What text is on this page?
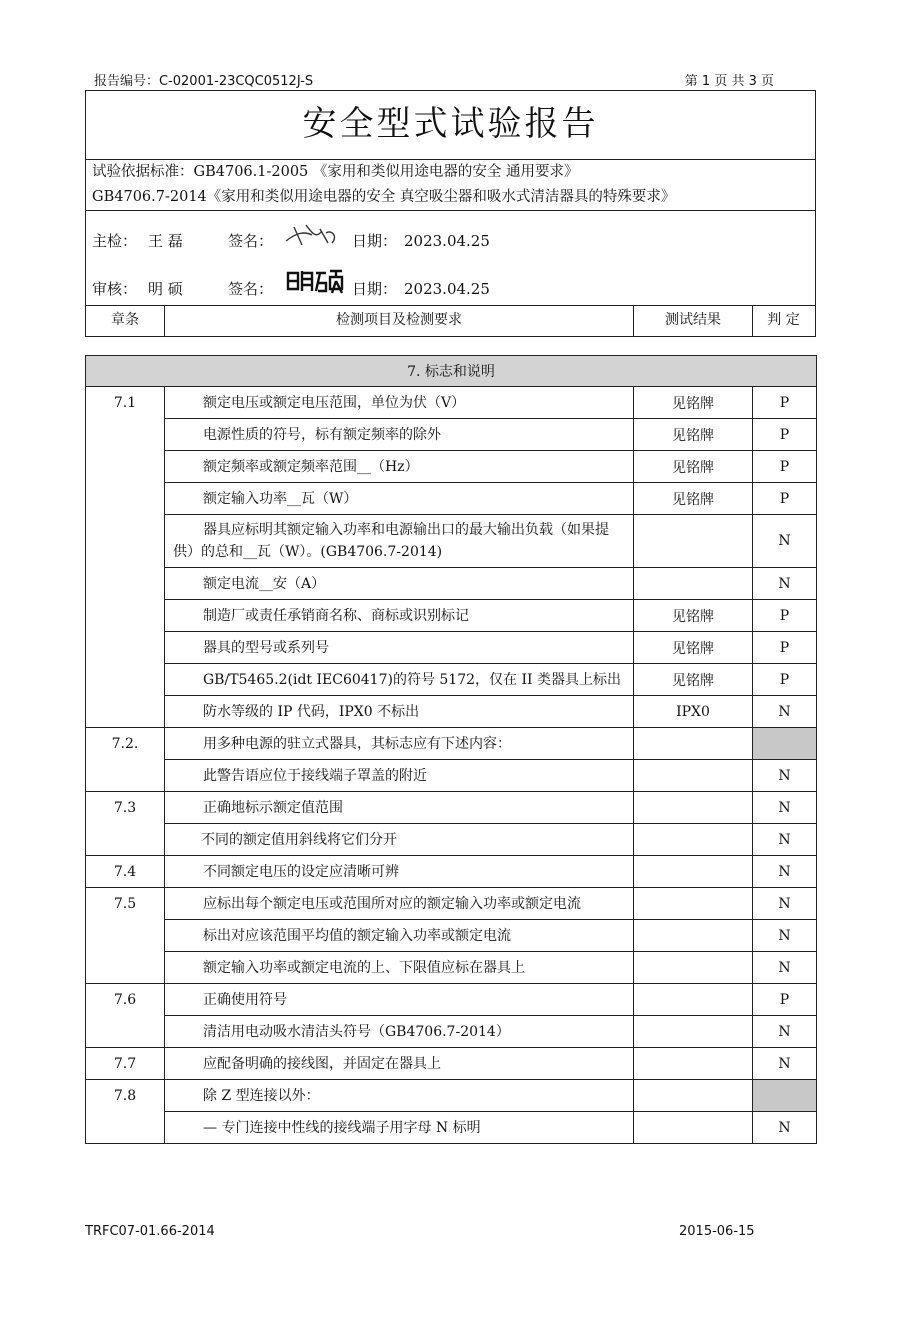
报告编号：C-02001-23CQC0512J-S	第 1 页 共 3 页
安全型式试验报告
试验依据标准：GB4706.1-2005 《家用和类似用途电器的安全 通用要求》
GB4706.7-2014《家用和类似用途电器的安全 真空吸尘器和吸水式清洁器具的特殊要求》
主检： 王 磊	签名：	日期： 2023.04.25
审核： 明 硕	签名：	日期： 2023.04.25
章条	检测项目及检测要求	测试结果	判 定
7. 标志和说明			
7.1	额定电压或额定电压范围，单位为伏（V）	见铭牌	P
	电源性质的符号，标有额定频率的除外	见铭牌	P
	额定频率或额定频率范围__（Hz）	见铭牌	P
	额定输入功率__瓦（W）	见铭牌	P
	器具应标明其额定输入功率和电源输出口的最大输出负载（如果提供）的总和__瓦（W）。(GB4706.7-2014)		N
	额定电流__安（A）		N
	制造厂或责任承销商名称、商标或识别标记	见铭牌	P
	器具的型号或系列号	见铭牌	P
	GB/T5465.2(idt IEC60417)的符号 5172，仅在 II 类器具上标出	见铭牌	P
	防水等级的 IP 代码，IPX0 不标出	IPX0	N
7.2.	用多种电源的驻立式器具，其标志应有下述内容：		
	此警告语应位于接线端子罩盖的附近		N
7.3	正确地标示额定值范围		N
	不同的额定值用斜线将它们分开		N
7.4	不同额定电压的设定应清晰可辨		N
7.5	应标出每个额定电压或范围所对应的额定输入功率或额定电流		N
	标出对应该范围平均值的额定输入功率或额定电流		N
	额定输入功率或额定电流的上、下限值应标在器具上		N
7.6	正确使用符号		P
	清洁用电动吸水清洁头符号（GB4706.7-2014）		N
7.7	应配备明确的接线图，并固定在器具上		N
7.8	除 Z 型连接以外：		
	— 专门连接中性线的接线端子用字母 N 标明		N
TRFC07-01.66-2014	2015-06-15
